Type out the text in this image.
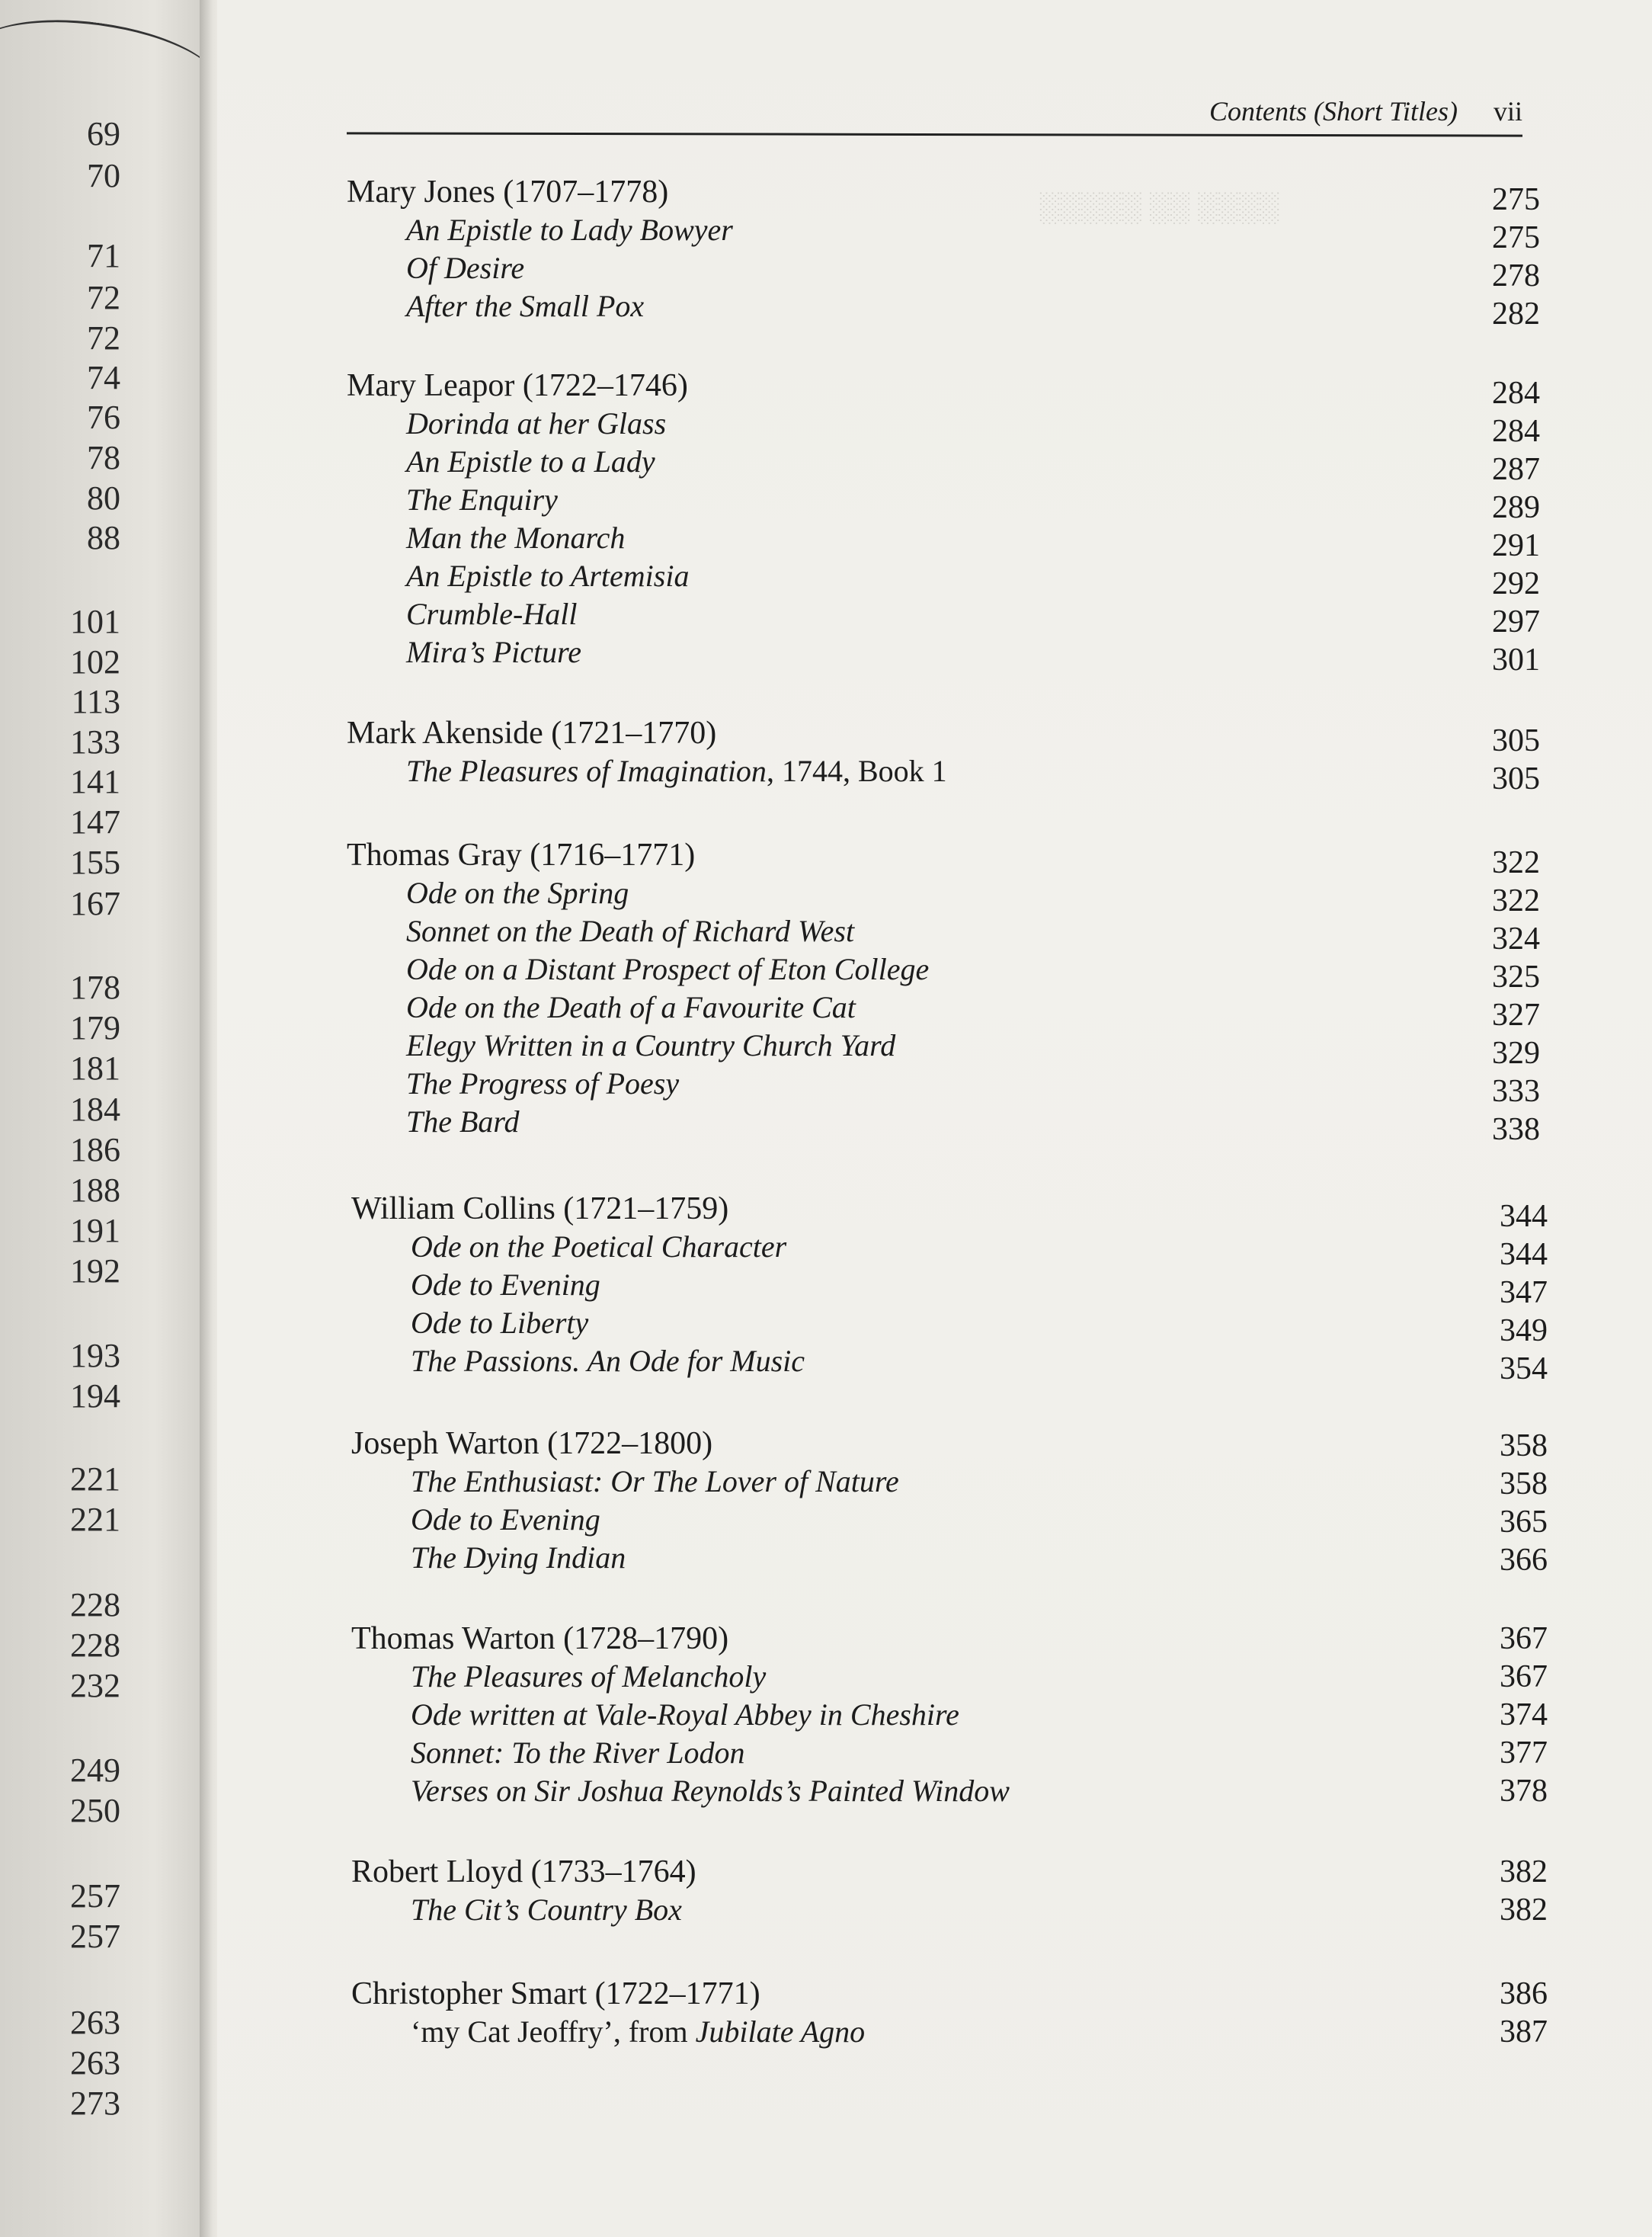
69
70
71
72
72
74
76
78
80
88
101
102
113
133
141
147
155
167
178
179
181
184
186
188
191
192
193
194
221
221
228
228
232
249
250
257
257
263
263
273
░░░░ ░░ ░░░░░
Contents (Short Titles) vii
Mary Jones (1707–1778)	275
An Epistle to Lady Bowyer	275
Of Desire	278
After the Small Pox	282
Mary Leapor (1722–1746)	284
Dorinda at her Glass	284
An Epistle to a Lady	287
The Enquiry	289
Man the Monarch	291
An Epistle to Artemisia	292
Crumble-Hall	297
Mira’s Picture	301
Mark Akenside (1721–1770)	305
The Pleasures of Imagination, 1744, Book 1	305
Thomas Gray (1716–1771)	322
Ode on the Spring	322
Sonnet on the Death of Richard West	324
Ode on a Distant Prospect of Eton College	325
Ode on the Death of a Favourite Cat	327
Elegy Written in a Country Church Yard	329
The Progress of Poesy	333
The Bard	338
William Collins (1721–1759)	344
Ode on the Poetical Character	344
Ode to Evening	347
Ode to Liberty	349
The Passions. An Ode for Music	354
Joseph Warton (1722–1800)	358
The Enthusiast: Or The Lover of Nature	358
Ode to Evening	365
The Dying Indian	366
Thomas Warton (1728–1790)	367
The Pleasures of Melancholy	367
Ode written at Vale-Royal Abbey in Cheshire	374
Sonnet: To the River Lodon	377
Verses on Sir Joshua Reynolds’s Painted Window	378
Robert Lloyd (1733–1764)	382
The Cit’s Country Box	382
Christopher Smart (1722–1771)	386
‘my Cat Jeoffry’, from Jubilate Agno	387
